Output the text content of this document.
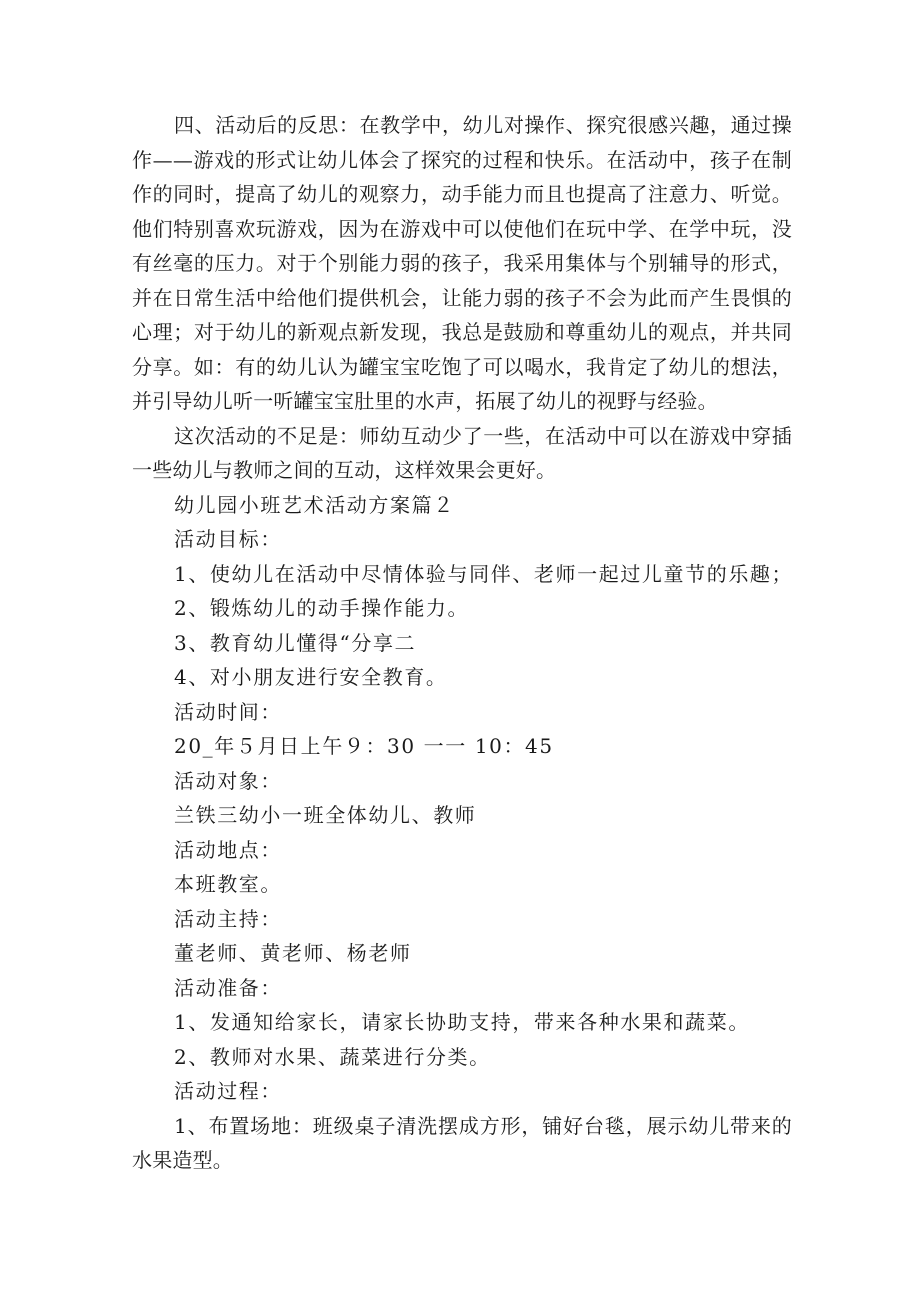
四、活动后的反思：在教学中，幼儿对操作、探究很感兴趣，通过操作——游戏的形式让幼儿体会了探究的过程和快乐。在活动中，孩子在制作的同时，提高了幼儿的观察力，动手能力而且也提高了注意力、听觉。他们特别喜欢玩游戏，因为在游戏中可以使他们在玩中学、在学中玩，没有丝毫的压力。对于个别能力弱的孩子，我采用集体与个别辅导的形式，并在日常生活中给他们提供机会，让能力弱的孩子不会为此而产生畏惧的心理；对于幼儿的新观点新发现，我总是鼓励和尊重幼儿的观点，并共同分享。如：有的幼儿认为罐宝宝吃饱了可以喝水，我肯定了幼儿的想法，并引导幼儿听一听罐宝宝肚里的水声，拓展了幼儿的视野与经验。

这次活动的不足是：师幼互动少了一些，在活动中可以在游戏中穿插一些幼儿与教师之间的互动，这样效果会更好。

幼儿园小班艺术活动方案篇２

活动目标：

1、使幼儿在活动中尽情体验与同伴、老师一起过儿童节的乐趣；

2、锻炼幼儿的动手操作能力。

3、教育幼儿懂得“分享二

4、对小朋友进行安全教育。

活动时间：

20_年５月日上午９：30 一一 10：45

活动对象：

兰铁三幼小一班全体幼儿、教师

活动地点：

本班教室。

活动主持：

董老师、黄老师、杨老师

活动准备：

1、发通知给家长，请家长协助支持，带来各种水果和蔬菜。

2、教师对水果、蔬菜进行分类。

活动过程：

1、布置场地：班级桌子清洗摆成方形，铺好台毯，展示幼儿带来的水果造型。
